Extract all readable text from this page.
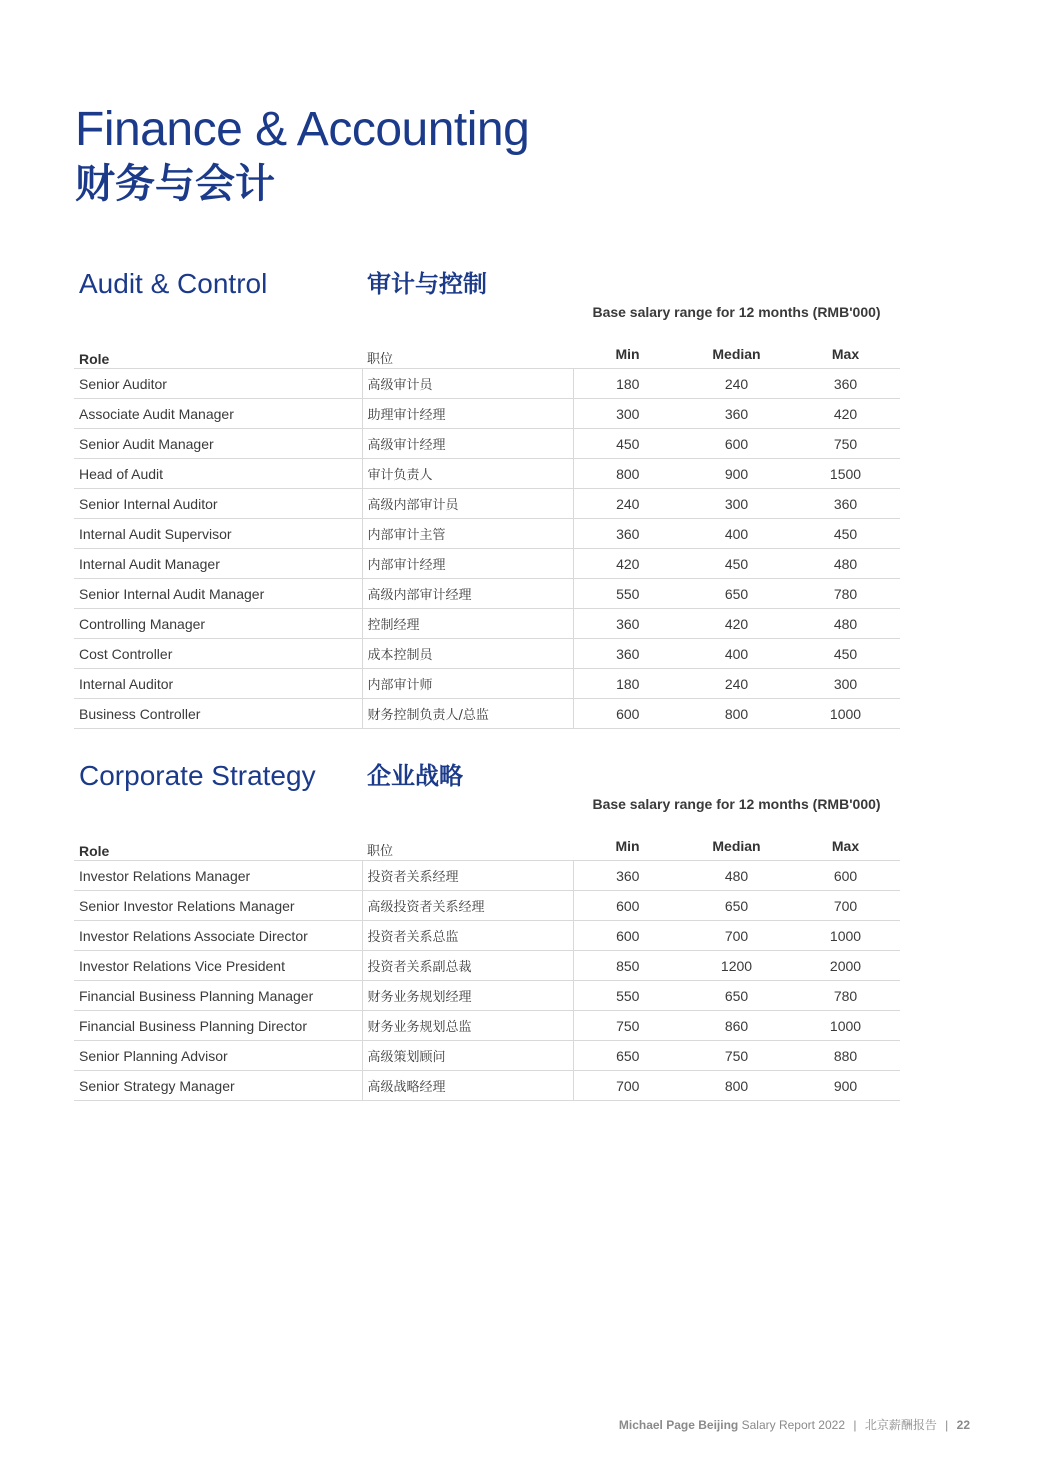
Finance & Accounting
财务与会计
Audit & Control	审计与控制
Base salary range for 12 months (RMB'000)
Role	职位	Min	Median	Max
Senior Auditor	高级审计员	180	240	360
Associate Audit Manager	助理审计经理	300	360	420
Senior Audit Manager	高级审计经理	450	600	750
Head of Audit	审计负责人	800	900	1500
Senior Internal Auditor	高级内部审计员	240	300	360
Internal Audit Supervisor	内部审计主管	360	400	450
Internal Audit Manager	内部审计经理	420	450	480
Senior Internal Audit Manager	高级内部审计经理	550	650	780
Controlling Manager	控制经理	360	420	480
Cost Controller	成本控制员	360	400	450
Internal Auditor	内部审计师	180	240	300
Business Controller	财务控制负责人/总监	600	800	1000
Corporate Strategy 企业战略
Base salary range for 12 months (RMB'000)
Role	职位	Min	Median	Max
Investor Relations Manager	投资者关系经理	360	480	600
Senior Investor Relations Manager	高级投资者关系经理	600	650	700
Investor Relations Associate Director	投资者关系总监	600	700	1000
Investor Relations Vice President	投资者关系副总裁	850	1200	2000
Financial Business Planning Manager	财务业务规划经理	550	650	780
Financial Business Planning Director	财务业务规划总监	750	860	1000
Senior Planning Advisor	高级策划顾问	650	750	880
Senior Strategy Manager	高级战略经理	700	800	900
Michael Page Beijing Salary Report 2022 | 北京薪酬报告 | 22
